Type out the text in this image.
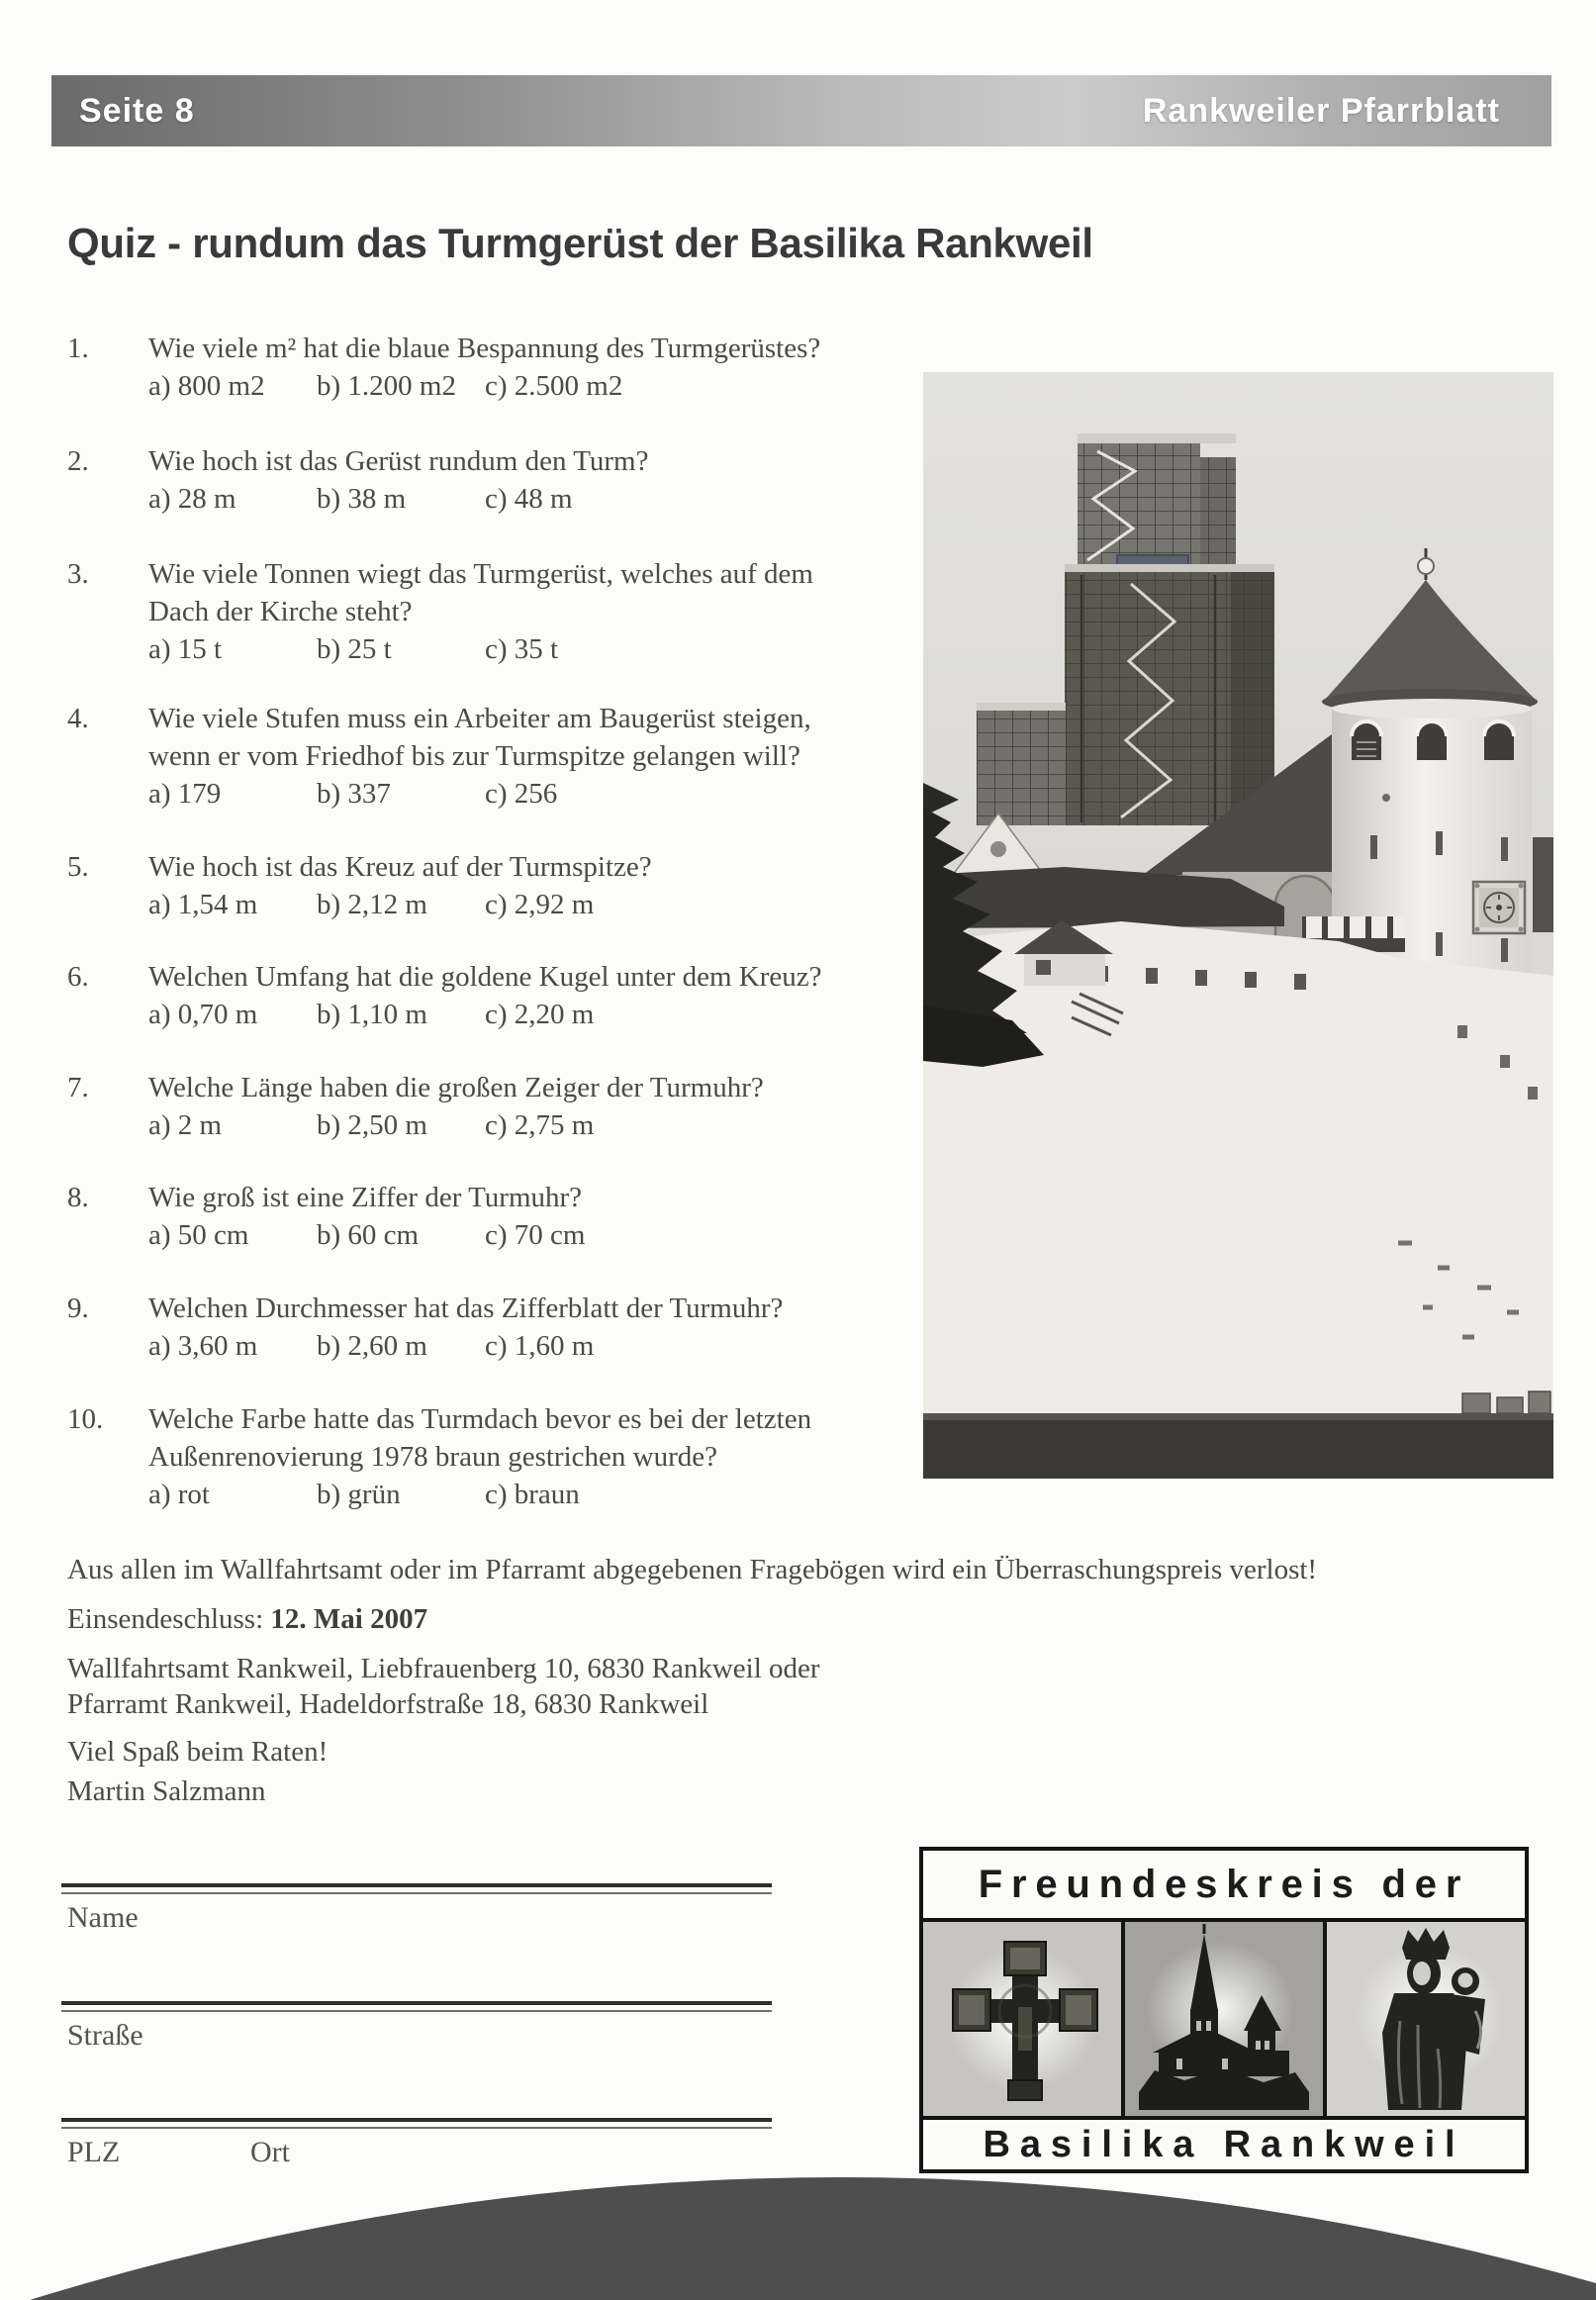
Seite 8	Rankweiler Pfarrblatt
Quiz - rundum das Turmgerüst der Basilika Rankweil
1.	Wie viele m² hat die blaue Bespannung des Turmgerüstes?
a) 800 m2	b) 1.200 m2	c) 2.500 m2
2.	Wie hoch ist das Gerüst rundum den Turm?
a) 28 m	b) 38 m	c) 48 m
3.	Wie viele Tonnen wiegt das Turmgerüst, welches auf dem
Dach der Kirche steht?
a) 15 t	b) 25 t	c) 35 t
4.	Wie viele Stufen muss ein Arbeiter am Baugerüst steigen,
wenn er vom Friedhof bis zur Turmspitze gelangen will?
a) 179	b) 337	c) 256
5.	Wie hoch ist das Kreuz auf der Turmspitze?
a) 1,54 m	b) 2,12 m	c) 2,92 m
6.	Welchen Umfang hat die goldene Kugel unter dem Kreuz?
a) 0,70 m	b) 1,10 m	c) 2,20 m
7.	Welche Länge haben die großen Zeiger der Turmuhr?
a) 2 m	b) 2,50 m	c) 2,75 m
8.	Wie groß ist eine Ziffer der Turmuhr?
a) 50 cm	b) 60 cm	c) 70 cm
9.	Welchen Durchmesser hat das Zifferblatt der Turmuhr?
a) 3,60 m	b) 2,60 m	c) 1,60 m
10.	Welche Farbe hatte das Turmdach bevor es bei der letzten
Außenrenovierung 1978 braun gestrichen wurde?
a) rot	b) grün	c) braun
Aus allen im Wallfahrtsamt oder im Pfarramt abgegebenen Fragebögen wird ein Überraschungspreis verlost!
Einsendeschluss: 12. Mai 2007
Wallfahrtsamt Rankweil, Liebfrauenberg 10, 6830 Rankweil oder
Pfarramt Rankweil, Hadeldorfstraße 18, 6830 Rankweil
Viel Spaß beim Raten!
Martin Salzmann
Name
Straße
PLZ	Ort
Freundeskreis der
Basilika Rankweil
